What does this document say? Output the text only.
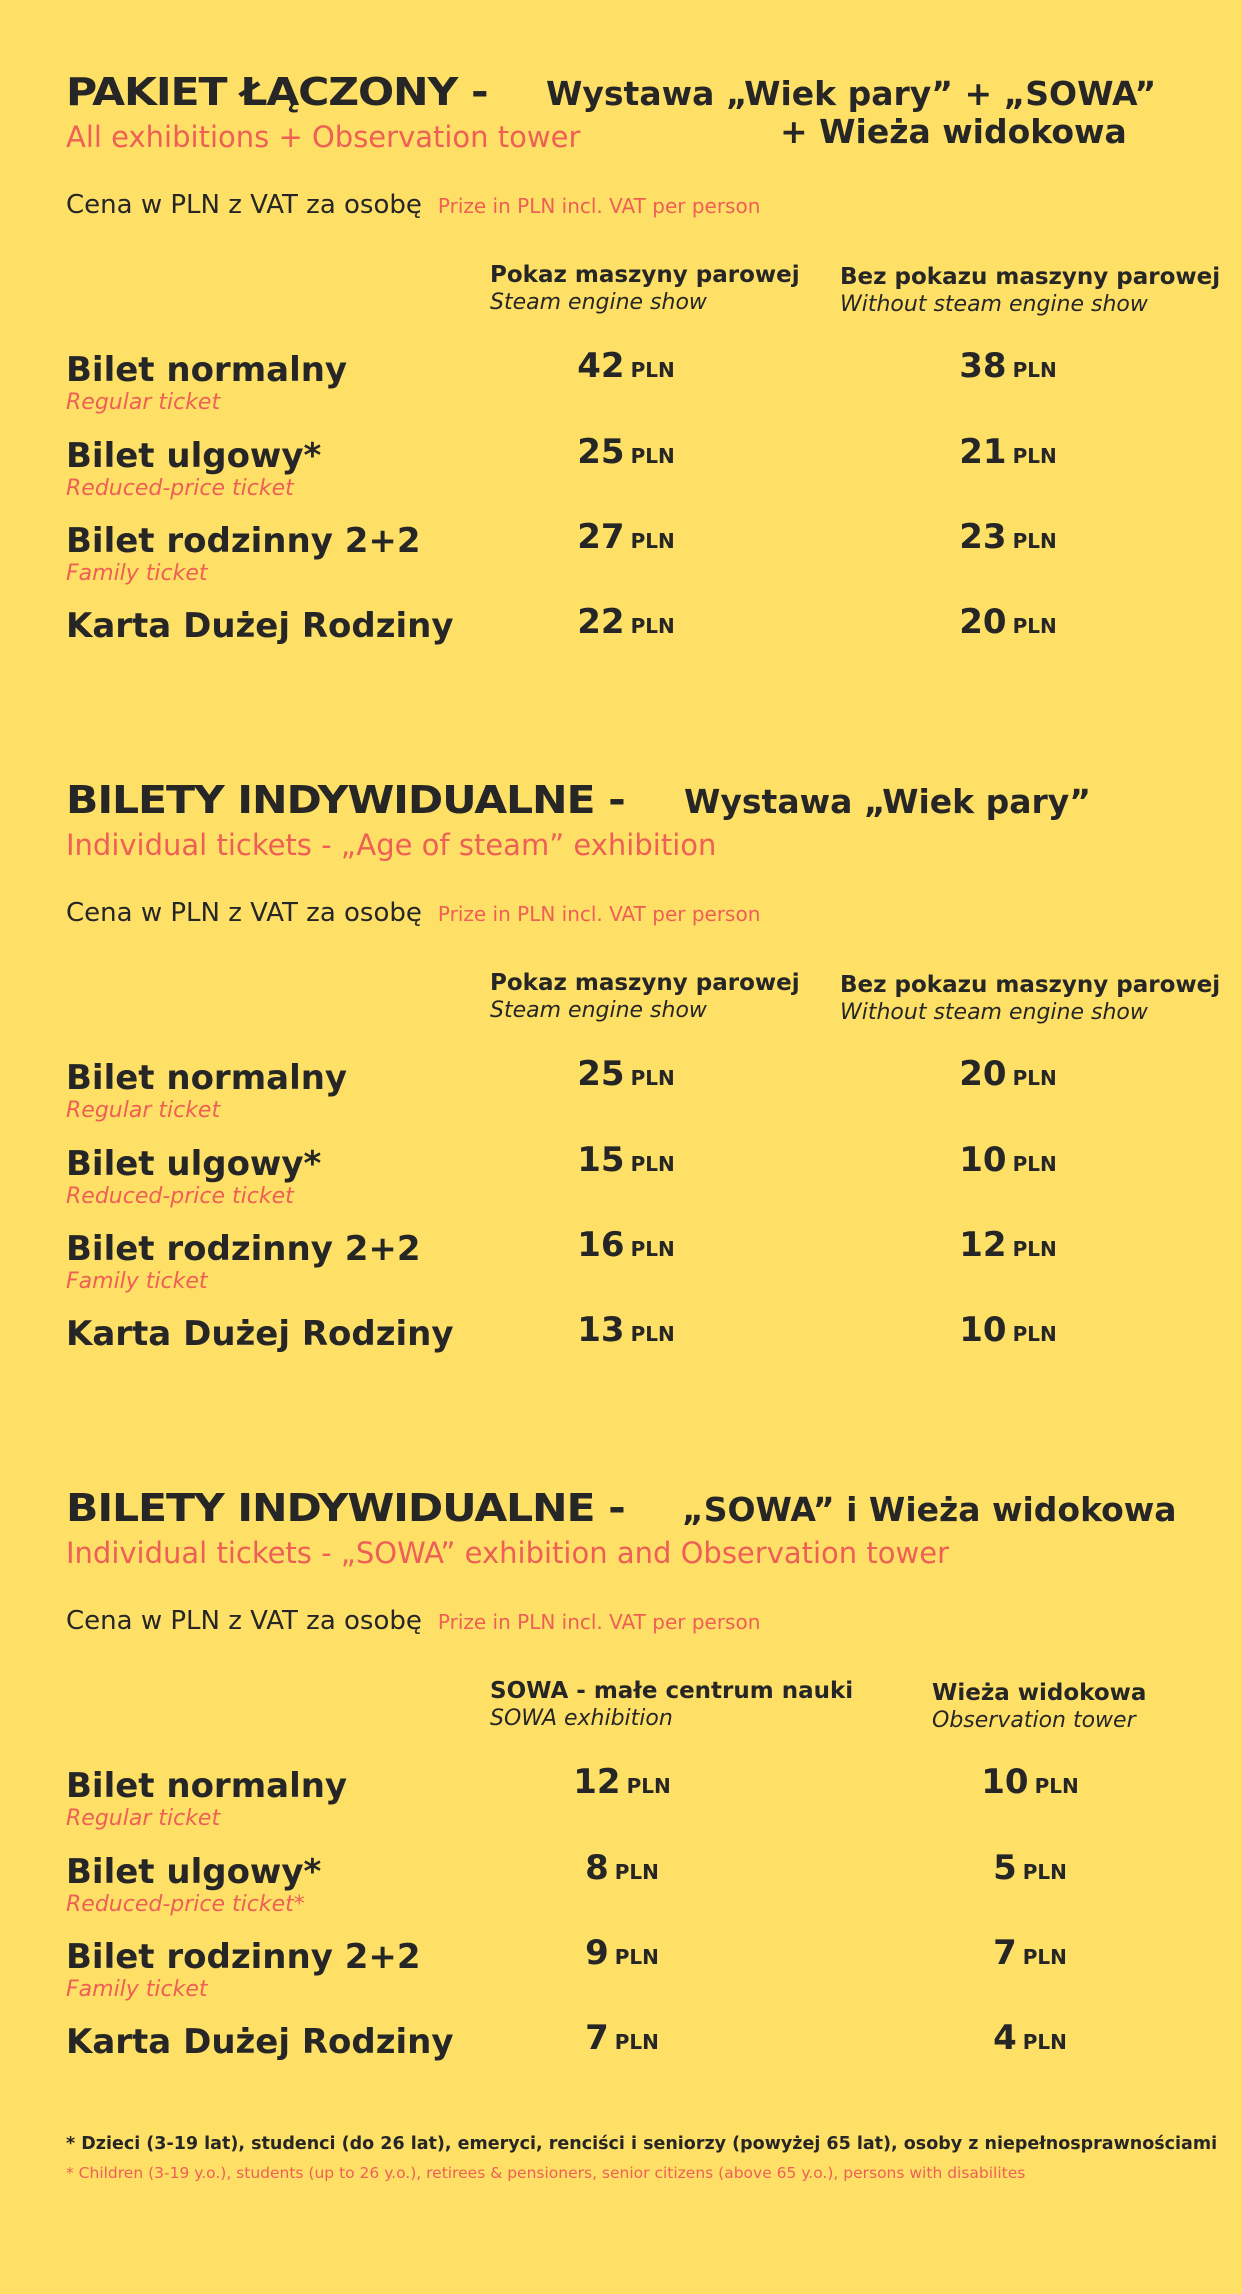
PAKIET ŁĄCZONY - Wystawa „Wiek pary” + „SOWA”
+ Wieża widokowa
All exhibitions + Observation tower
Cena w PLN z VAT za osobę Prize in PLN incl. VAT per person
Pokaz maszyny parowej
Steam engine show
Bez pokazu maszyny parowej
Without steam engine show
Bilet normalny
Regular ticket
42 PLN	38 PLN
Bilet ulgowy*
Reduced-price ticket
25 PLN	21 PLN
Bilet rodzinny 2+2
Family ticket
27 PLN	23 PLN
Karta Dużej Rodziny	22 PLN	20 PLN
BILETY INDYWIDUALNE - Wystawa „Wiek pary”
Individual tickets - „Age of steam” exhibition
Cena w PLN z VAT za osobę Prize in PLN incl. VAT per person
Pokaz maszyny parowej
Steam engine show
Bez pokazu maszyny parowej
Without steam engine show
Bilet normalny
Regular ticket
25 PLN	20 PLN
Bilet ulgowy*
Reduced-price ticket
15 PLN	10 PLN
Bilet rodzinny 2+2
Family ticket
16 PLN	12 PLN
Karta Dużej Rodziny	13 PLN	10 PLN
BILETY INDYWIDUALNE - „SOWA” i Wieża widokowa
Individual tickets - „SOWA” exhibition and Observation tower
Cena w PLN z VAT za osobę Prize in PLN incl. VAT per person
SOWA - małe centrum nauki
SOWA exhibition
Wieża widokowa
Observation tower
Bilet normalny
Regular ticket
12 PLN	10 PLN
Bilet ulgowy*
Reduced-price ticket*
8 PLN	5 PLN
Bilet rodzinny 2+2
Family ticket
9 PLN	7 PLN
Karta Dużej Rodziny	7 PLN	4 PLN
* Dzieci (3-19 lat), studenci (do 26 lat), emeryci, renciści i seniorzy (powyżej 65 lat), osoby z niepełnosprawnościami
* Children (3-19 y.o.), students (up to 26 y.o.), retirees & pensioners, senior citizens (above 65 y.o.), persons with disabilites
